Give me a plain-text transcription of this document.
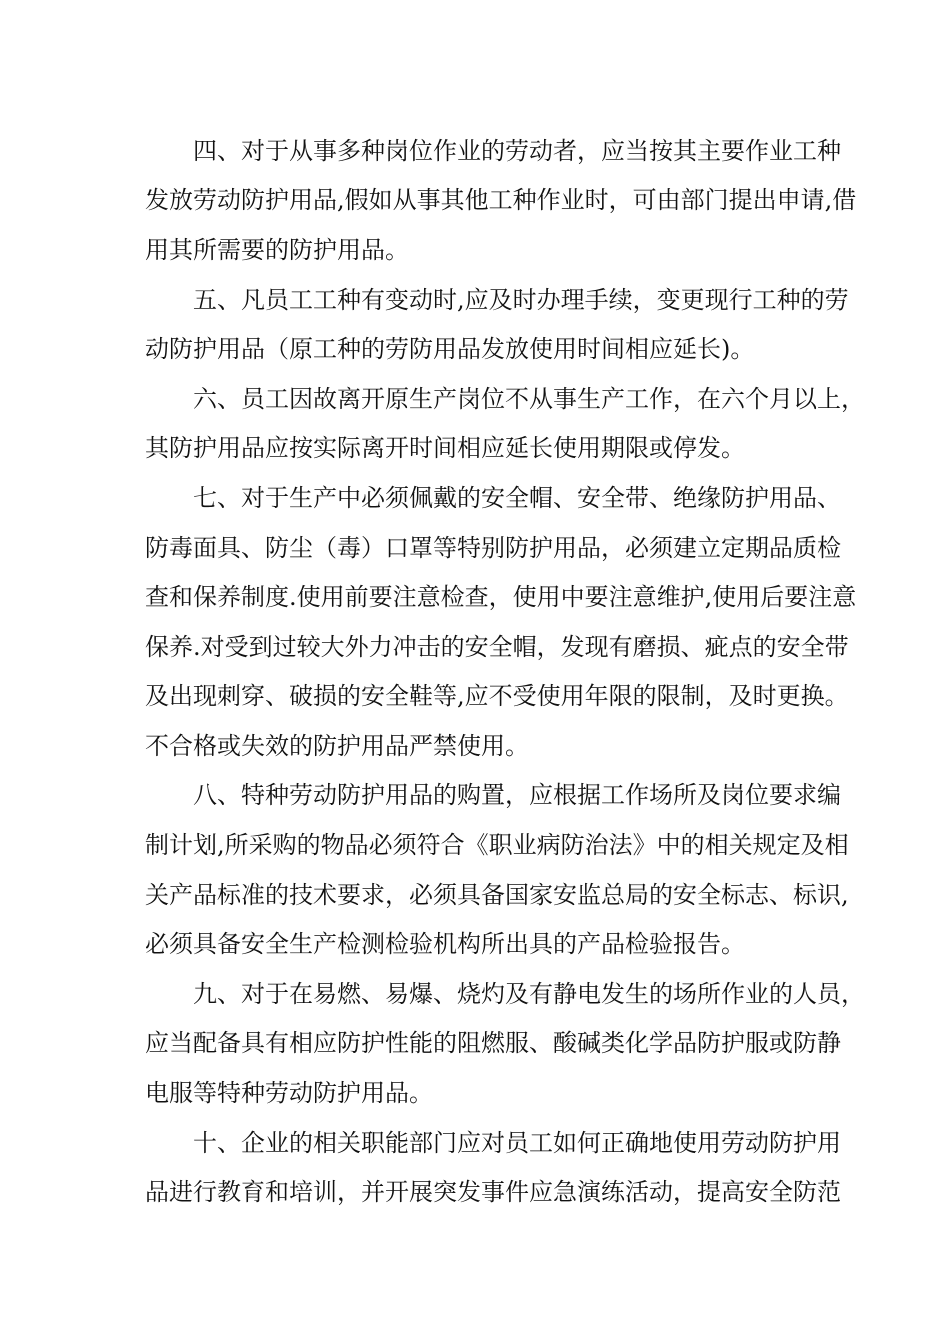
四、对于从事多种岗位作业的劳动者，应当按其主要作业工种
发放劳动防护用品,假如从事其他工种作业时，可由部门提出申请,借
用其所需要的防护用品。
五、凡员工工种有变动时,应及时办理手续，变更现行工种的劳
动防护用品（原工种的劳防用品发放使用时间相应延长)。
六、员工因故离开原生产岗位不从事生产工作，在六个月以上，
其防护用品应按实际离开时间相应延长使用期限或停发。
七、对于生产中必须佩戴的安全帽、安全带、绝缘防护用品、
防毒面具、防尘（毒）口罩等特别防护用品，必须建立定期品质检
查和保养制度.使用前要注意检查，使用中要注意维护,使用后要注意
保养.对受到过较大外力冲击的安全帽，发现有磨损、疵点的安全带
及出现刺穿、破损的安全鞋等,应不受使用年限的限制，及时更换。
不合格或失效的防护用品严禁使用。
八、特种劳动防护用品的购置，应根据工作场所及岗位要求编
制计划,所采购的物品必须符合《职业病防治法》中的相关规定及相
关产品标准的技术要求，必须具备国家安监总局的安全标志、标识,
必须具备安全生产检测检验机构所出具的产品检验报告。
九、对于在易燃、易爆、烧灼及有静电发生的场所作业的人员，
应当配备具有相应防护性能的阻燃服、酸碱类化学品防护服或防静
电服等特种劳动防护用品。
十、企业的相关职能部门应对员工如何正确地使用劳动防护用
品进行教育和培训，并开展突发事件应急演练活动，提高安全防范
